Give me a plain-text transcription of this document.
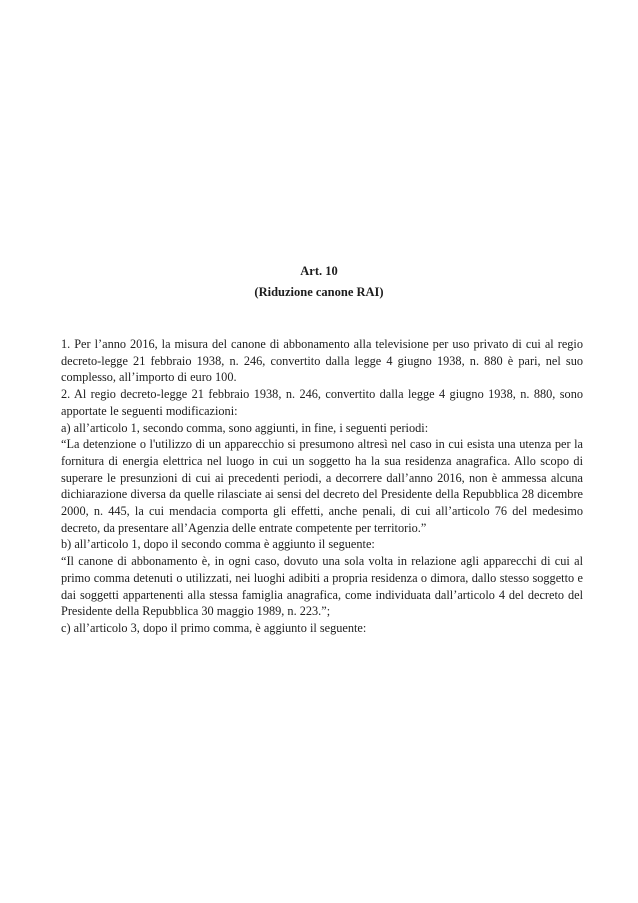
Art. 10
(Riduzione canone RAI)

1. Per l’anno 2016, la misura del canone di abbonamento alla televisione per uso privato di cui al regio decreto-legge 21 febbraio 1938, n. 246, convertito dalla legge 4 giugno 1938, n. 880 è pari, nel suo complesso, all’importo di euro 100.

2. Al regio decreto-legge 21 febbraio 1938, n. 246, convertito dalla legge 4 giugno 1938, n. 880, sono apportate le seguenti modificazioni:

a) all’articolo 1, secondo comma, sono aggiunti, in fine, i seguenti periodi:

“La detenzione o l'utilizzo di un apparecchio si presumono altresì nel caso in cui esista una utenza per la fornitura di energia elettrica nel luogo in cui un soggetto ha la sua residenza anagrafica. Allo scopo di superare le presunzioni di cui ai precedenti periodi, a decorrere dall’anno 2016, non è ammessa alcuna dichiarazione diversa da quelle rilasciate ai sensi del decreto del Presidente della Repubblica 28 dicembre 2000, n. 445, la cui mendacia comporta gli effetti, anche penali, di cui all’articolo 76 del medesimo decreto, da presentare all’Agenzia delle entrate competente per territorio.”

b) all’articolo 1, dopo il secondo comma è aggiunto il seguente:

“Il canone di abbonamento è, in ogni caso, dovuto una sola volta in relazione agli apparecchi di cui al primo comma detenuti o utilizzati, nei luoghi adibiti a propria residenza o dimora, dallo stesso soggetto e dai soggetti appartenenti alla stessa famiglia anagrafica, come individuata dall’articolo 4 del decreto del Presidente della Repubblica 30 maggio 1989, n. 223.”;

c) all’articolo 3, dopo il primo comma, è aggiunto il seguente:
